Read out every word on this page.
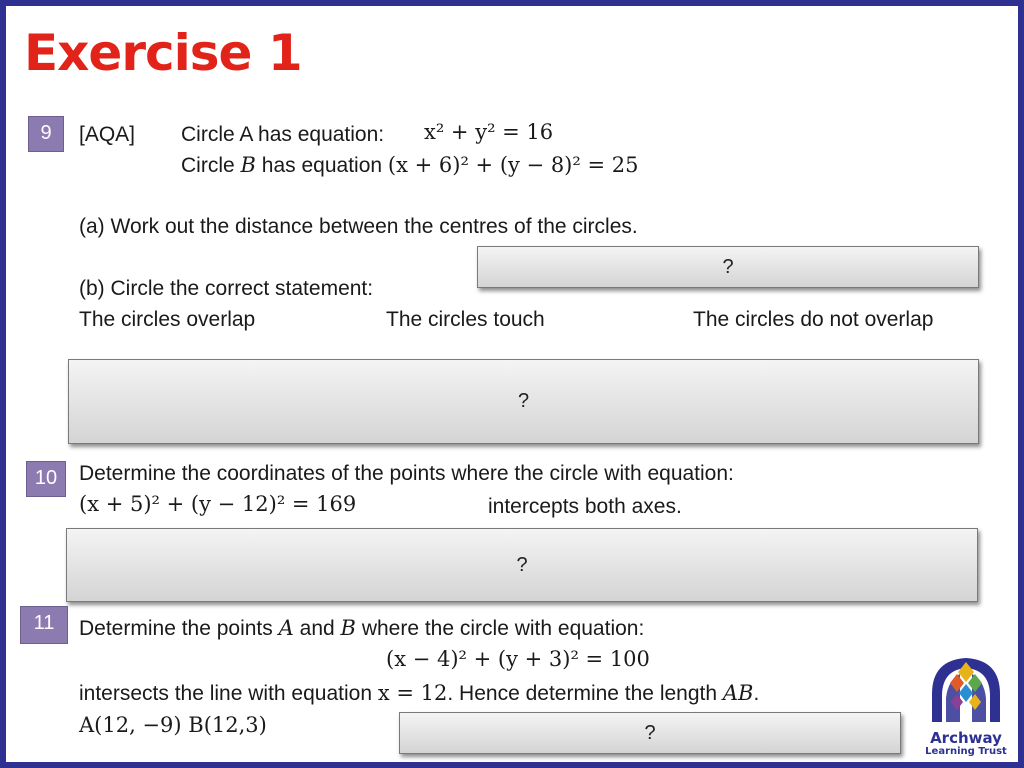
Exercise 1
9	[AQA] Circle A has equation: x² + y² = 16
Circle B has equation (x + 6)² + (y − 8)² = 25
(a) Work out the distance between the centres of the circles.
?
(b) Circle the correct statement:
The circles overlap	The circles touch	The circles do not overlap
?
10	Determine the coordinates of the points where the circle with equation:
(x + 5)² + (y − 12)² = 169	intercepts both axes.
?
11	Determine the points A and B where the circle with equation:
(x − 4)² + (y + 3)² = 100
intersects the line with equation x = 12. Hence determine the length AB.
A(12, −9) B(12,3)	?	Archway
Learning Trust
